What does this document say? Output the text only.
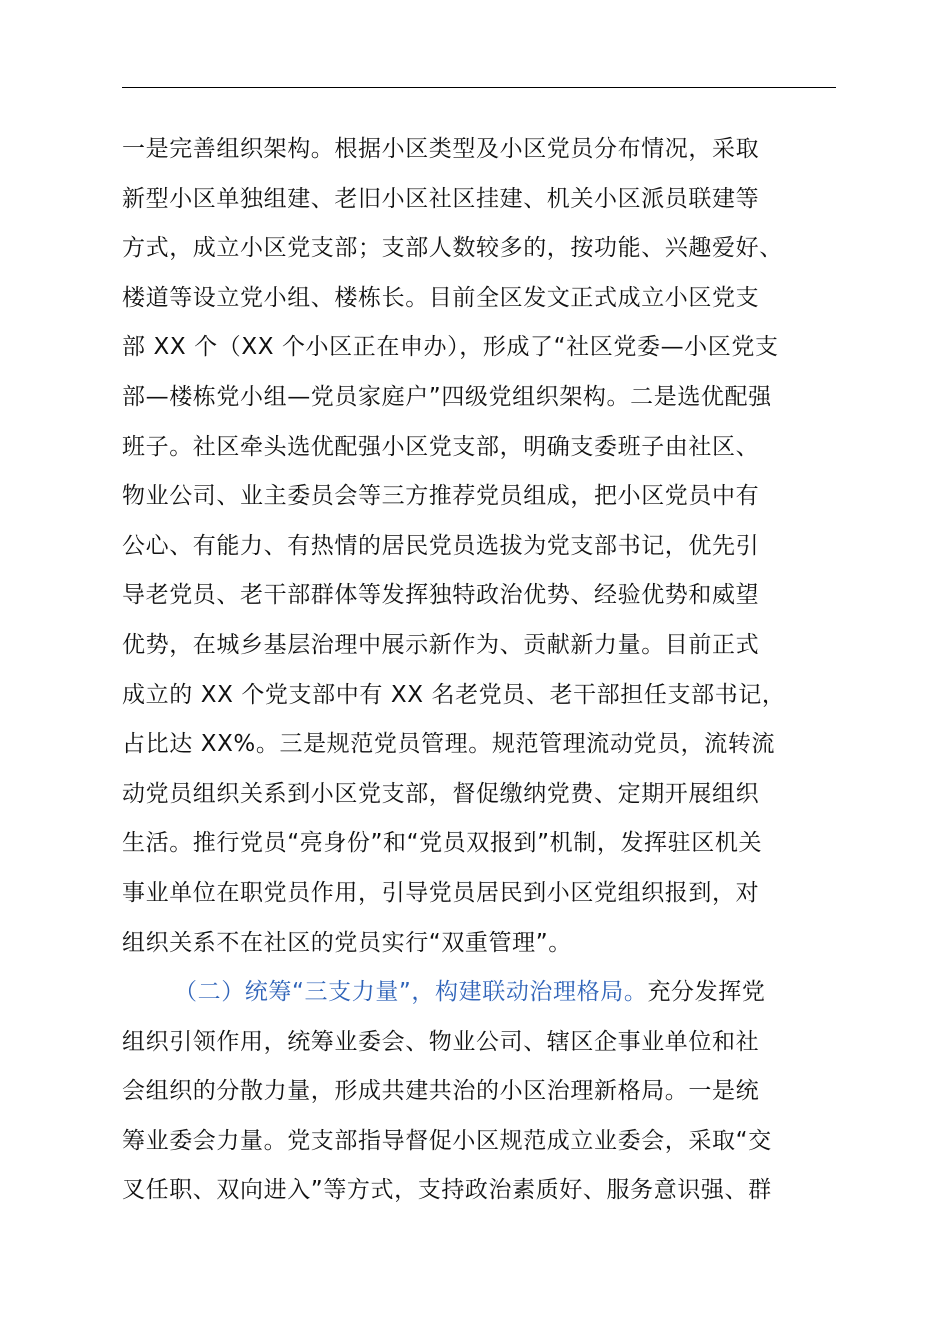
一是完善组织架构。根据小区类型及小区党员分布情况，采取
新型小区单独组建、老旧小区社区挂建、机关小区派员联建等
方式，成立小区党支部；支部人数较多的，按功能、兴趣爱好、
楼道等设立党小组、楼栋长。目前全区发文正式成立小区党支
部 XX 个（XX 个小区正在申办），形成了“社区党委—小区党支
部—楼栋党小组—党员家庭户”四级党组织架构。二是选优配强
班子。社区牵头选优配强小区党支部，明确支委班子由社区、
物业公司、业主委员会等三方推荐党员组成，把小区党员中有
公心、有能力、有热情的居民党员选拔为党支部书记，优先引
导老党员、老干部群体等发挥独特政治优势、经验优势和威望
优势，在城乡基层治理中展示新作为、贡献新力量。目前正式
成立的 XX 个党支部中有 XX 名老党员、老干部担任支部书记，
占比达 XX%。三是规范党员管理。规范管理流动党员，流转流
动党员组织关系到小区党支部，督促缴纳党费、定期开展组织
生活。推行党员“亮身份”和“党员双报到”机制，发挥驻区机关
事业单位在职党员作用，引导党员居民到小区党组织报到，对
组织关系不在社区的党员实行“双重管理”。
（二）统筹“三支力量”，构建联动治理格局。充分发挥党
组织引领作用，统筹业委会、物业公司、辖区企事业单位和社
会组织的分散力量，形成共建共治的小区治理新格局。一是统
筹业委会力量。党支部指导督促小区规范成立业委会，采取“交
叉任职、双向进入”等方式，支持政治素质好、服务意识强、群
